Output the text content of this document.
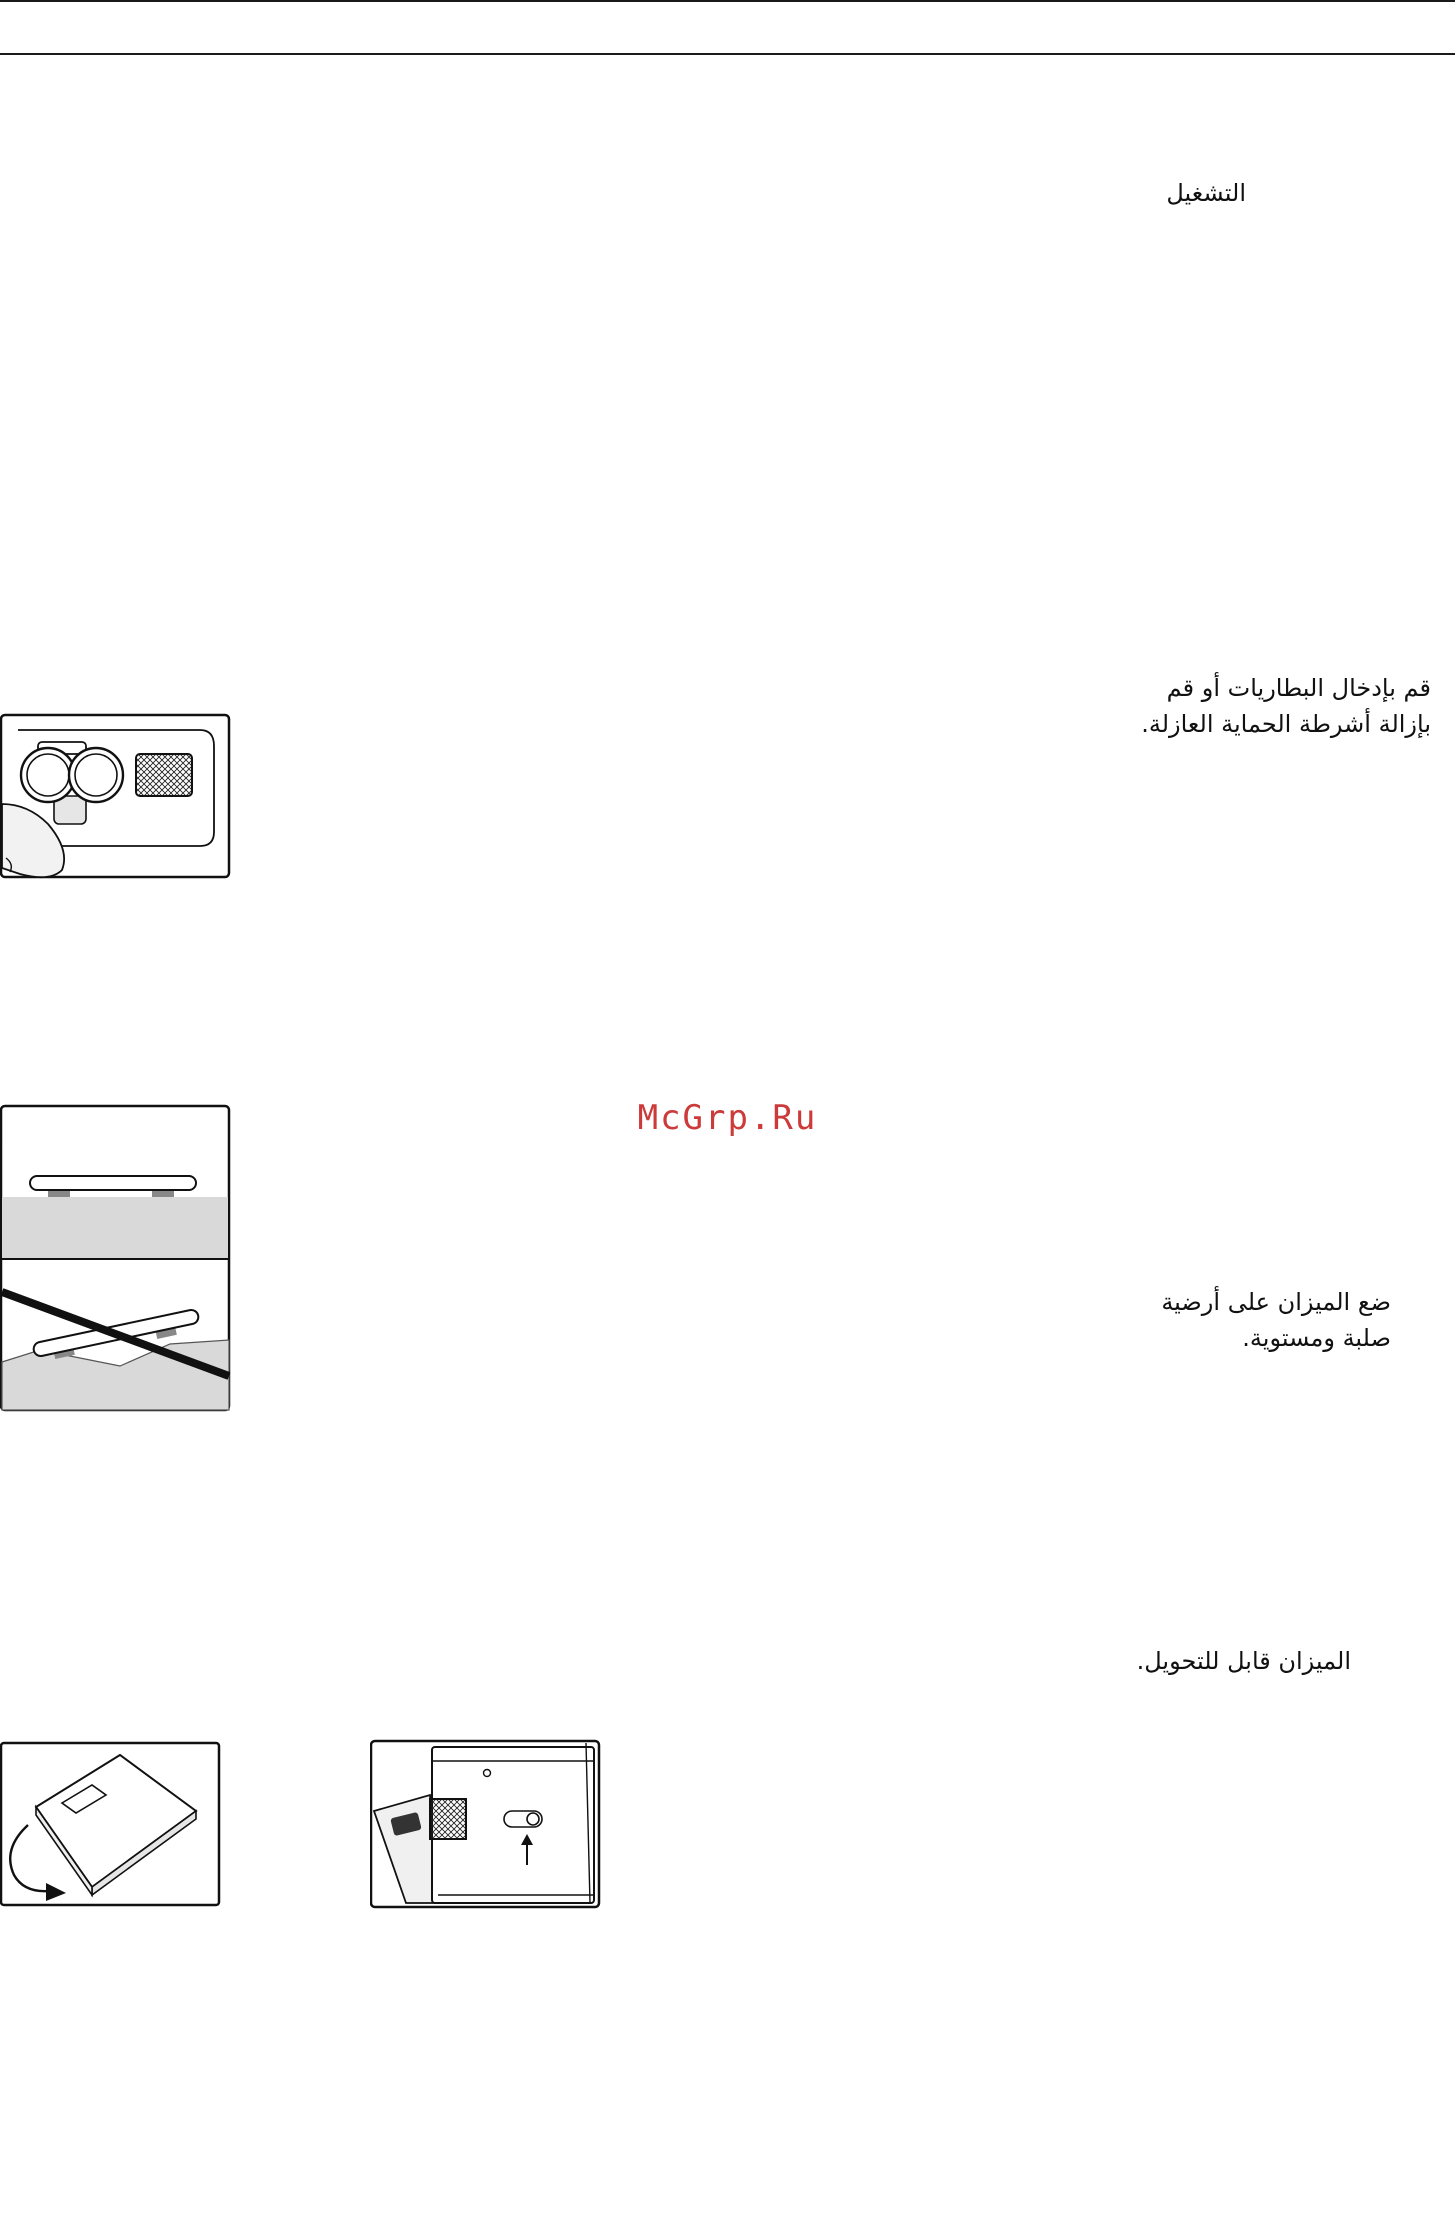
التشغيل
قم بإدخال البطاريات أو قم
بإزالة أشرطة الحماية العازلة.
ضع الميزان على أرضية
صلبة ومستوية.
الميزان قابل للتحويل.
McGrp.Ru
